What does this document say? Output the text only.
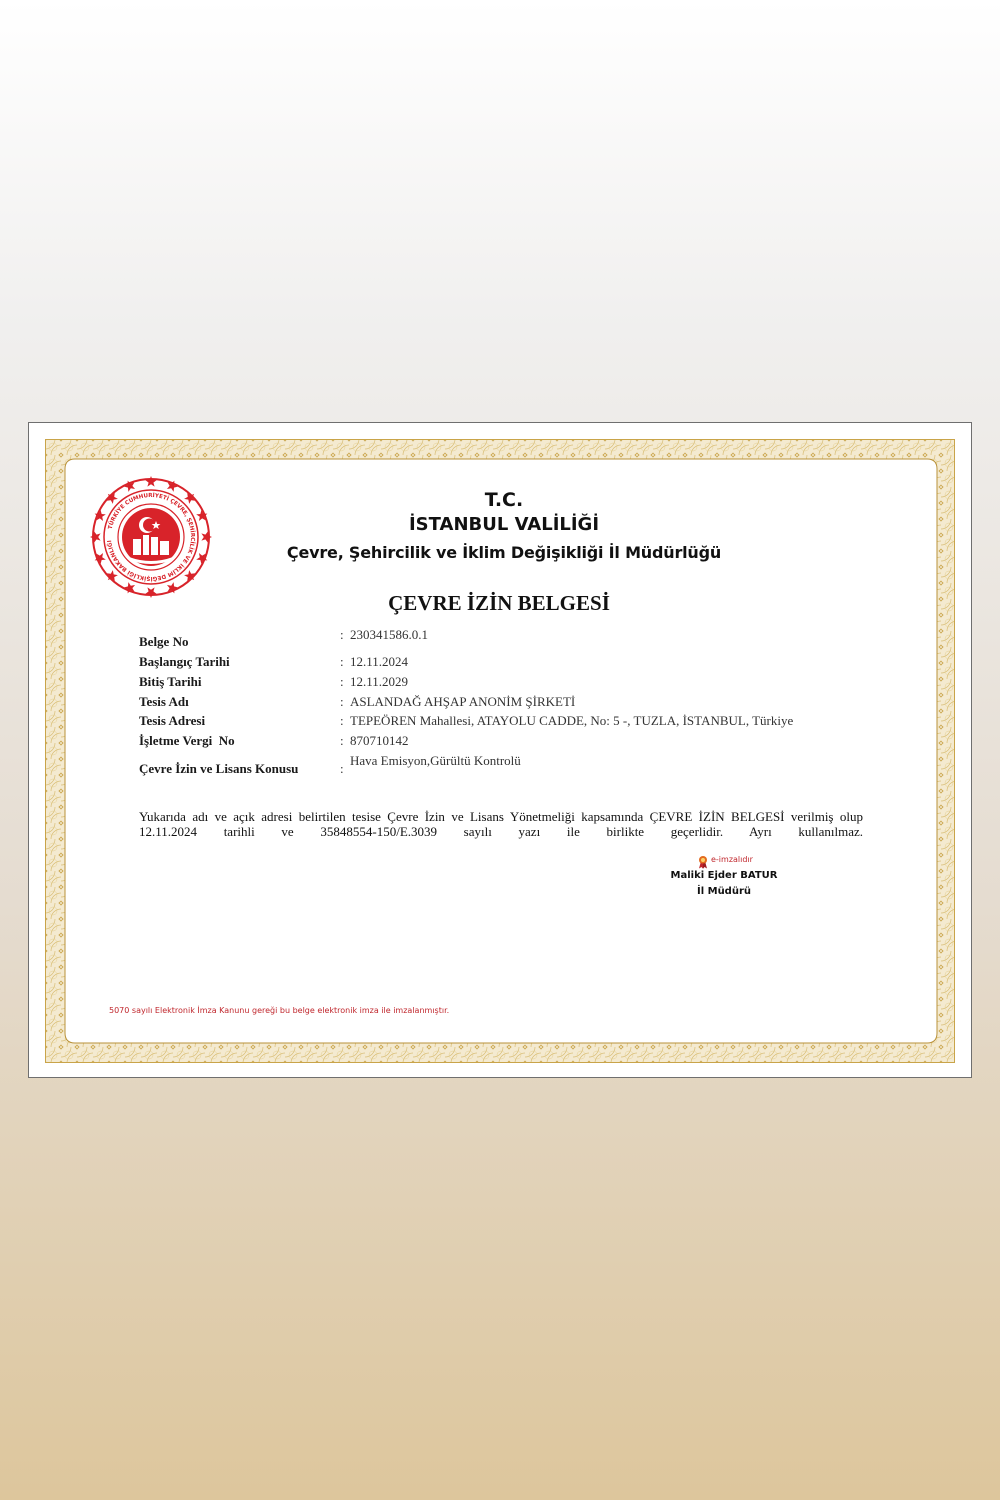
TÜRKİYE CUMHURİYETİ ÇEVRE, ŞEHİRCİLİK VE İKLİM DEĞİŞİKLİĞİ BAKANLIĞI
T.C.
İSTANBUL VALİLİĞİ
Çevre, Şehircilik ve İklim Değişikliği İl Müdürlüğü
ÇEVRE İZİN BELGESİ
Belge No	: 230341586.0.1
Başlangıç Tarihi	: 12.11.2024
Bitiş Tarihi	: 12.11.2029
Tesis Adı	: ASLANDAĞ AHŞAP ANONİM ŞİRKETİ
Tesis Adresi	: TEPEÖREN Mahallesi, ATAYOLU CADDE, No: 5 -, TUZLA, İSTANBUL, Türkiye
İşletme Vergi  No	: 870710142
Çevre İzin ve Lisans Konusu	:
Hava Emisyon,Gürültü Kontrolü
Yukarıda adı ve açık adresi belirtilen tesise Çevre İzin ve Lisans Yönetmeliği kapsamında ÇEVRE İZİN BELGESİ verilmiş olup
12.11.2024 tarihli ve 35848554-150/E.3039 sayılı yazı ile birlikte geçerlidir. Ayrı kullanılmaz.
e-imzalıdır
Maliki Ejder BATUR
İl Müdürü
5070 sayılı Elektronik İmza Kanunu gereği bu belge elektronik imza ile imzalanmıştır.
